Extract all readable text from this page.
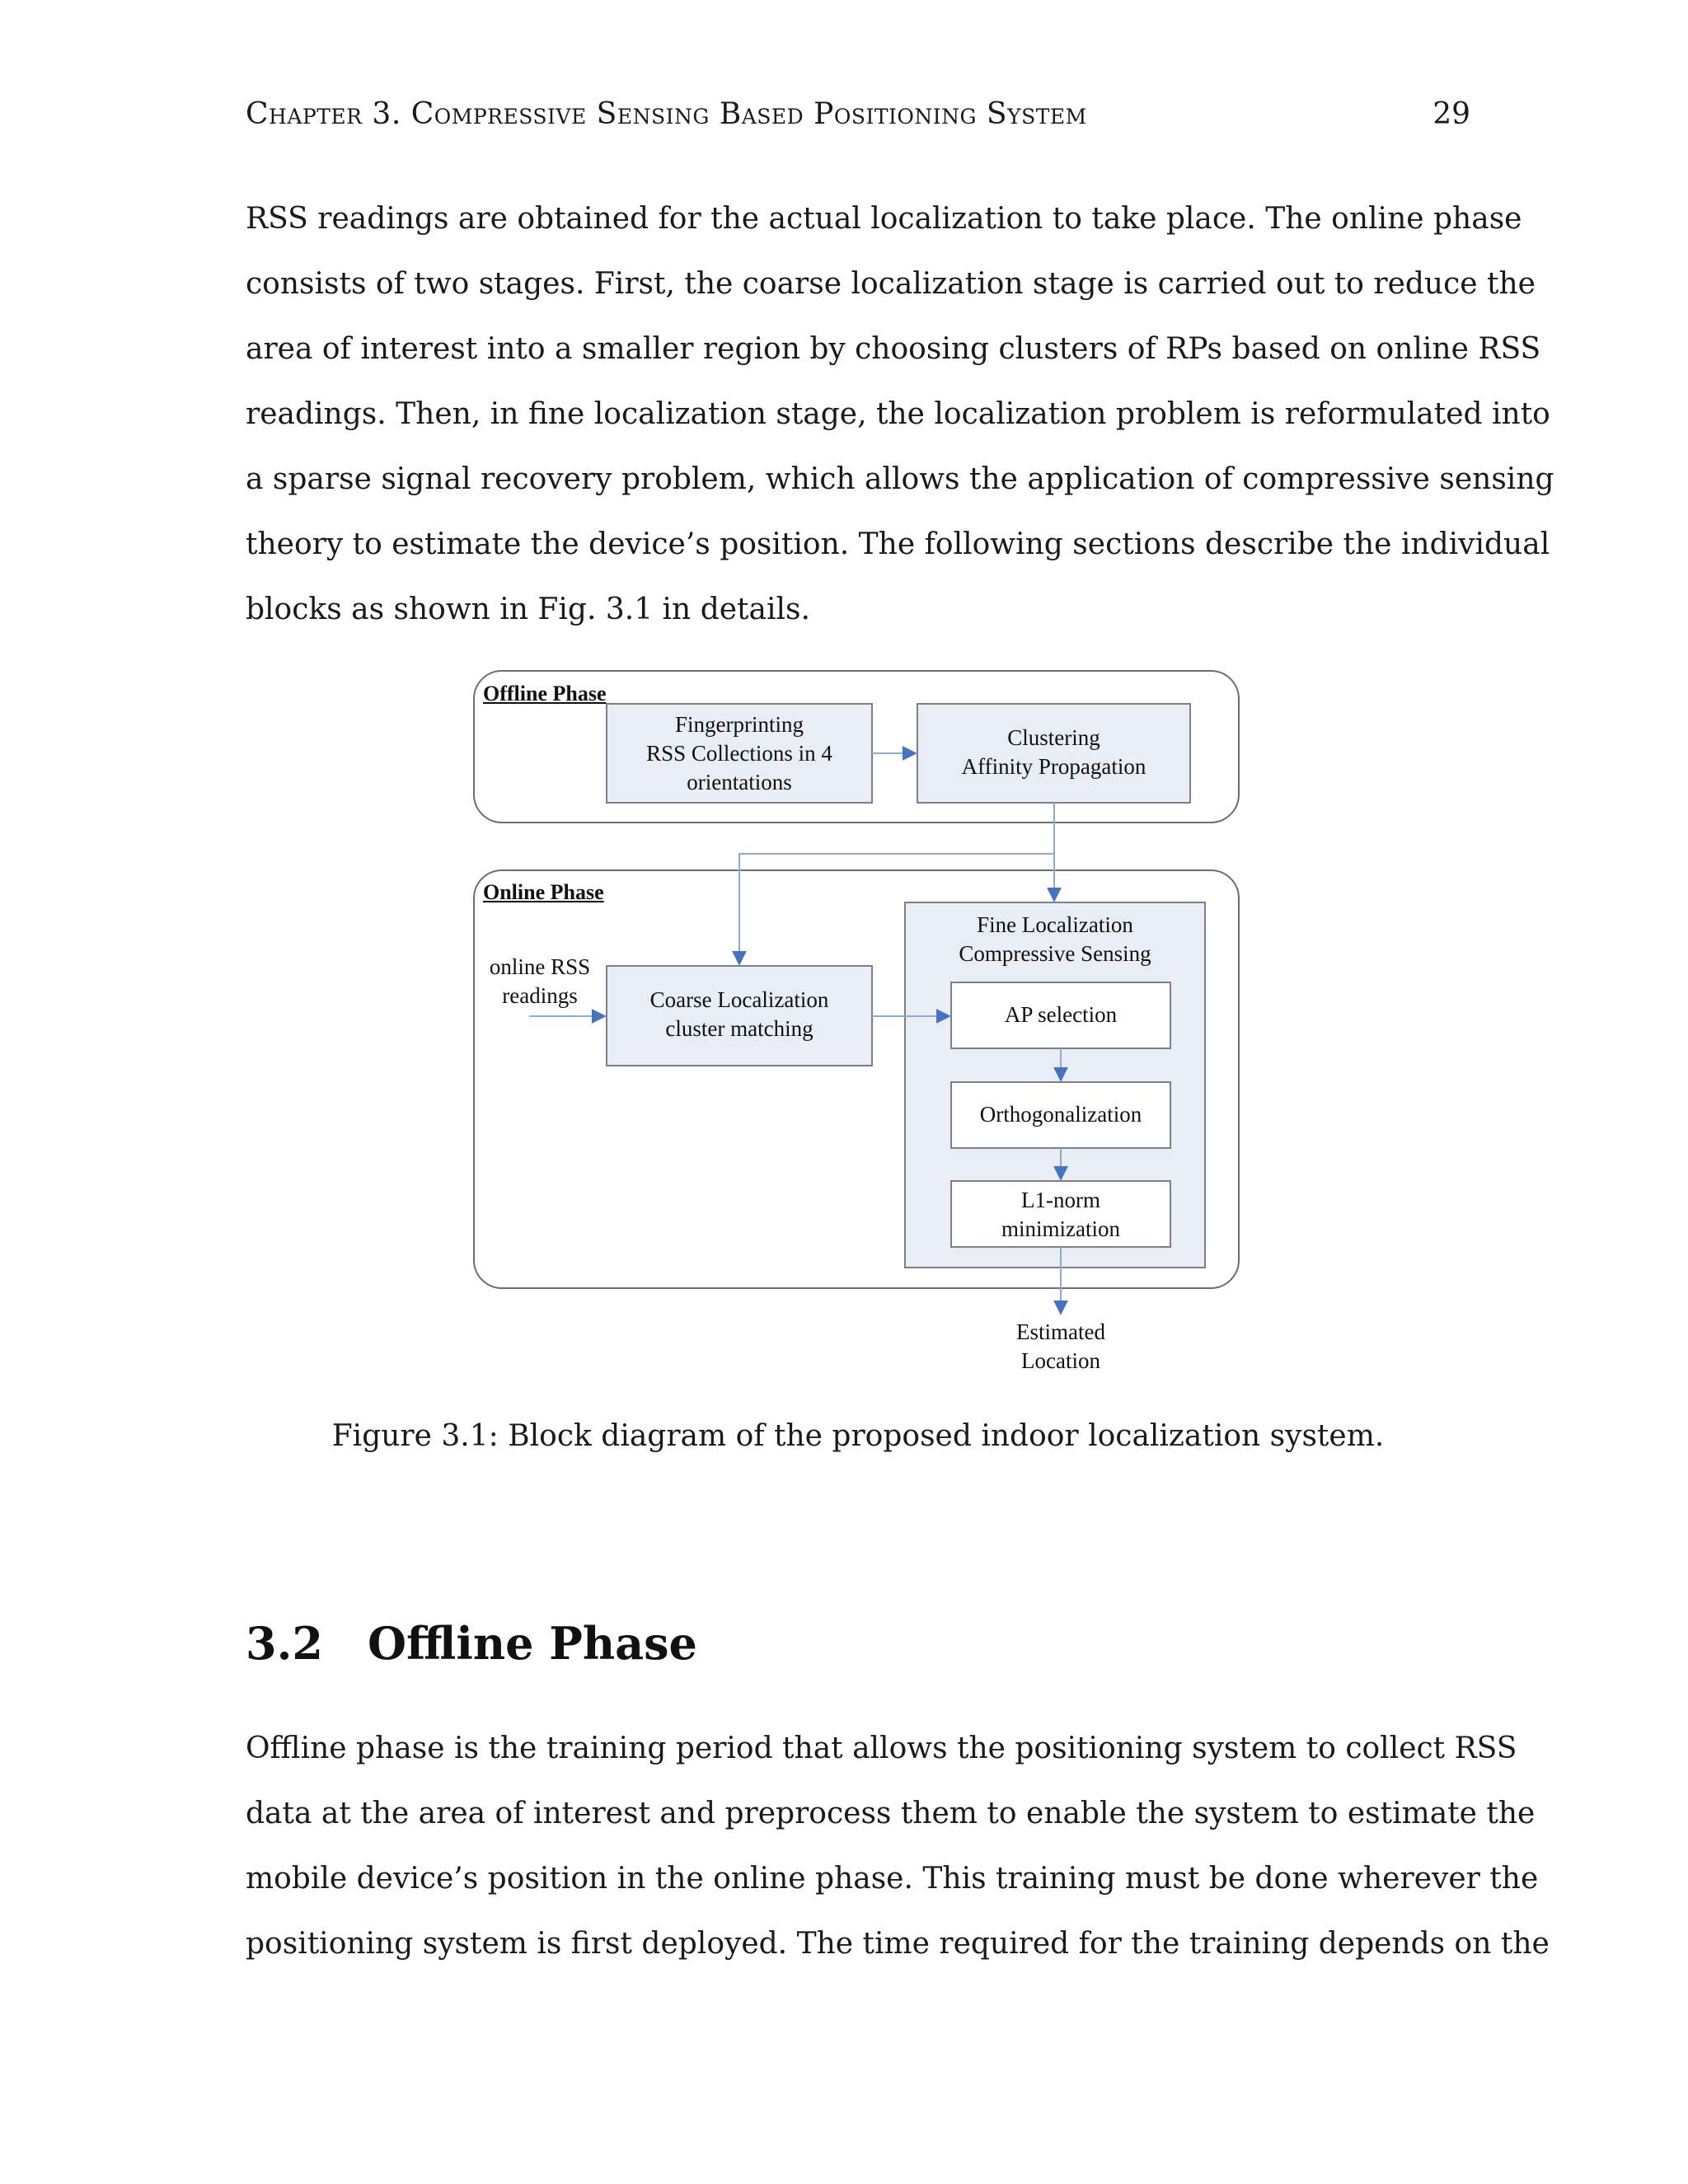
Chapter 3. Compressive Sensing Based Positioning System	29
RSS readings are obtained for the actual localization to take place. The online phase
consists of two stages. First, the coarse localization stage is carried out to reduce the
area of interest into a smaller region by choosing clusters of RPs based on online RSS
readings. Then, in fine localization stage, the localization problem is reformulated into
a sparse signal recovery problem, which allows the application of compressive sensing
theory to estimate the device’s position. The following sections describe the individual
blocks as shown in Fig. 3.1 in details.
Offline Phase
Online Phase
Fingerprinting
RSS Collections in 4
orientations
Clustering
Affinity Propagation
online RSS
readings	Coarse Localization
cluster matching
Fine Localization
Compressive Sensing
AP selection
Orthogonalization
L1-norm
minimization
Estimated
Location
Figure 3.1: Block diagram of the proposed indoor localization system.
3.2 Offline Phase
Offline phase is the training period that allows the positioning system to collect RSS
data at the area of interest and preprocess them to enable the system to estimate the
mobile device’s position in the online phase. This training must be done wherever the
positioning system is first deployed. The time required for the training depends on the
